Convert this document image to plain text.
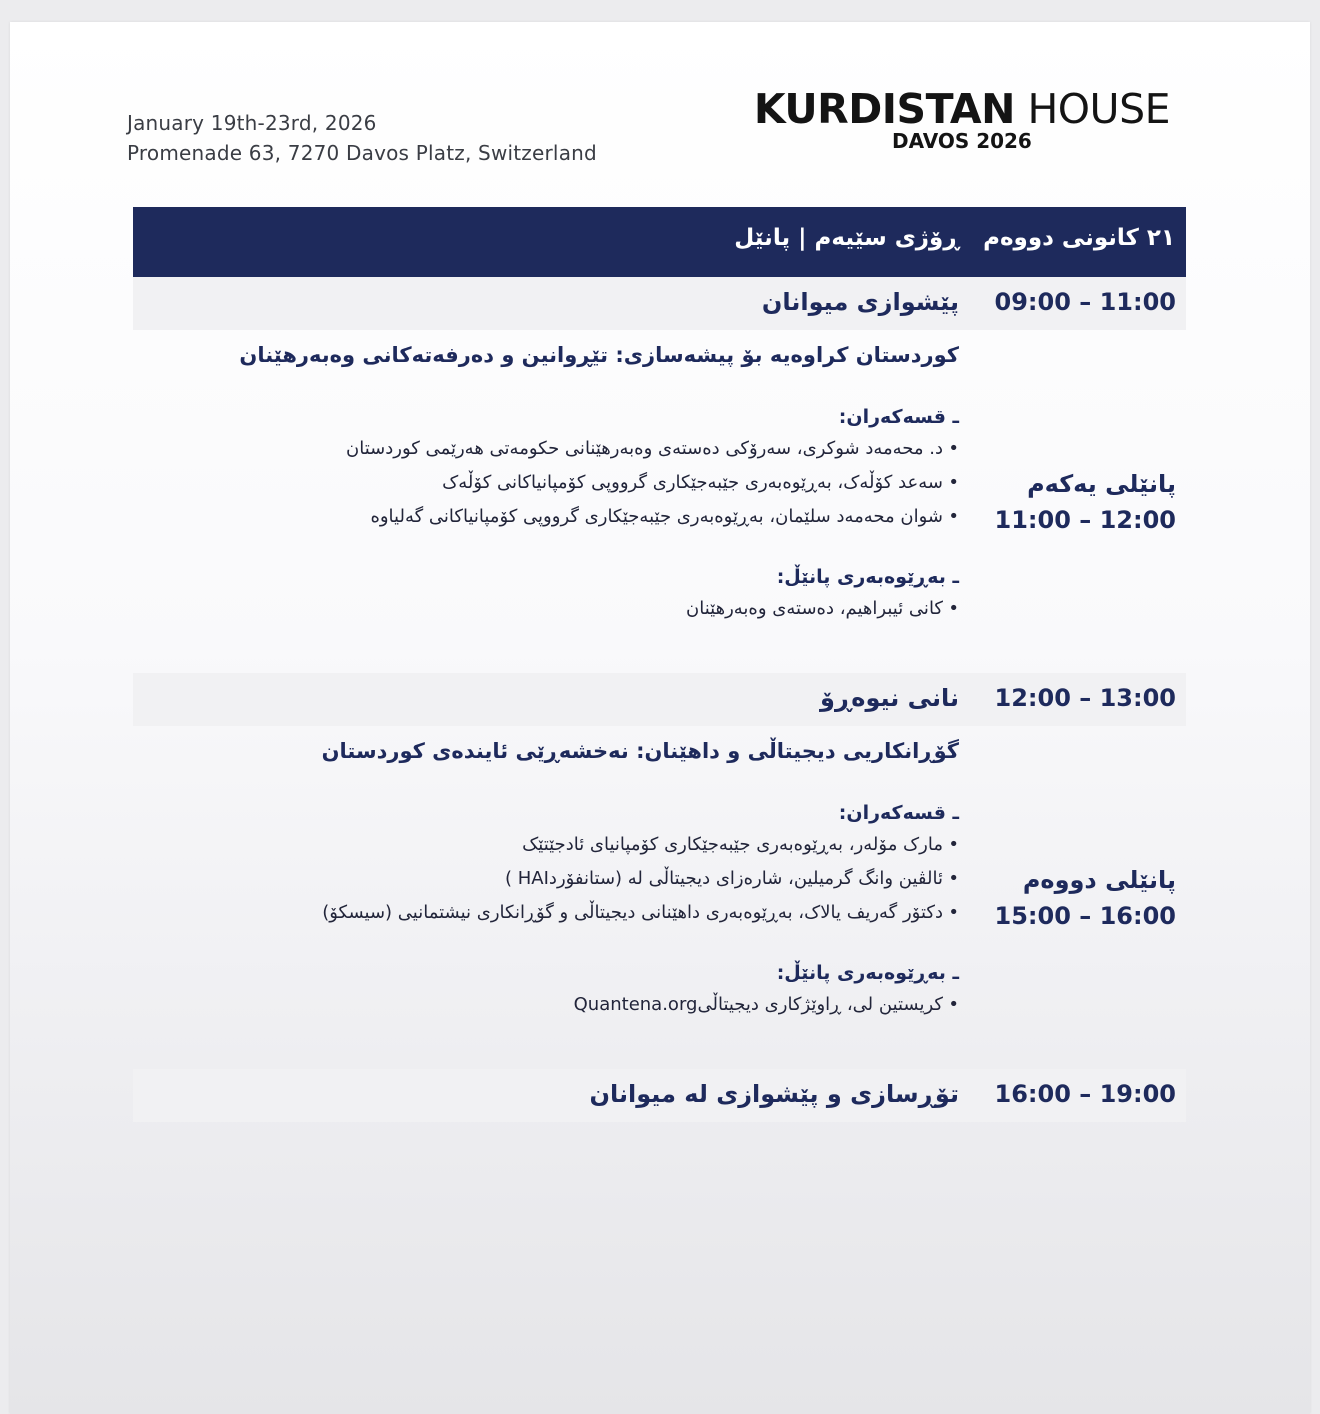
January 19th-23rd, 2026
Promenade 63, 7270 Davos Platz, Switzerland
KURDISTAN HOUSE
DAVOS 2026
٢١ كانونی دووەم
ڕۆژی سێیەم | پانێل
09:00 – 11:00
پێشوازی میوانان
پانێلی یەکەم
11:00 – 12:00
کوردستان کراوەیە بۆ پیشەسازی: تێڕوانین و دەرفەتەکانی وەبەرهێنان
ـ قسەکەران:
• د. محەمەد شوکری، سەرۆکی دەستەی وەبەرهێنانی حکومەتی هەرێمی کوردستان
• سەعد کۆڵەک، بەڕێوەبەری جێبەجێکاری گرووپی کۆمپانیاکانی کۆڵەک
• شوان محەمەد سلێمان، بەڕێوەبەری جێبەجێکاری گرووپی کۆمپانیاکانی گەلیاوە
ـ بەڕێوەبەری پانێڵ:
• کانی ئیبراهیم، دەستەی وەبەرهێنان
12:00 – 13:00
نانی نیوەڕۆ
پانێلی دووەم
15:00 – 16:00
گۆڕانکاریی دیجیتاڵی و داهێنان: نەخشەڕێی ئایندەی کوردستان
ـ قسەکەران:
• مارک مۆلەر، بەڕێوەبەری جێبەجێکاری کۆمپانیای ئادجێتێک
• ئالڤین وانگ گرمیلین، شارەزای دیجیتاڵی لە (ستانفۆردHAI )
• دکتۆر گەریف یالاک، بەڕێوەبەری داهێنانی دیجیتاڵی و گۆڕانکاری نیشتمانیی (سیسکۆ)
ـ بەڕێوەبەری پانێڵ:
• کریستین لی، ڕاوێژکاری دیجیتاڵیQuantena.org
16:00 – 19:00
تۆڕسازی و پێشوازی لە میوانان
